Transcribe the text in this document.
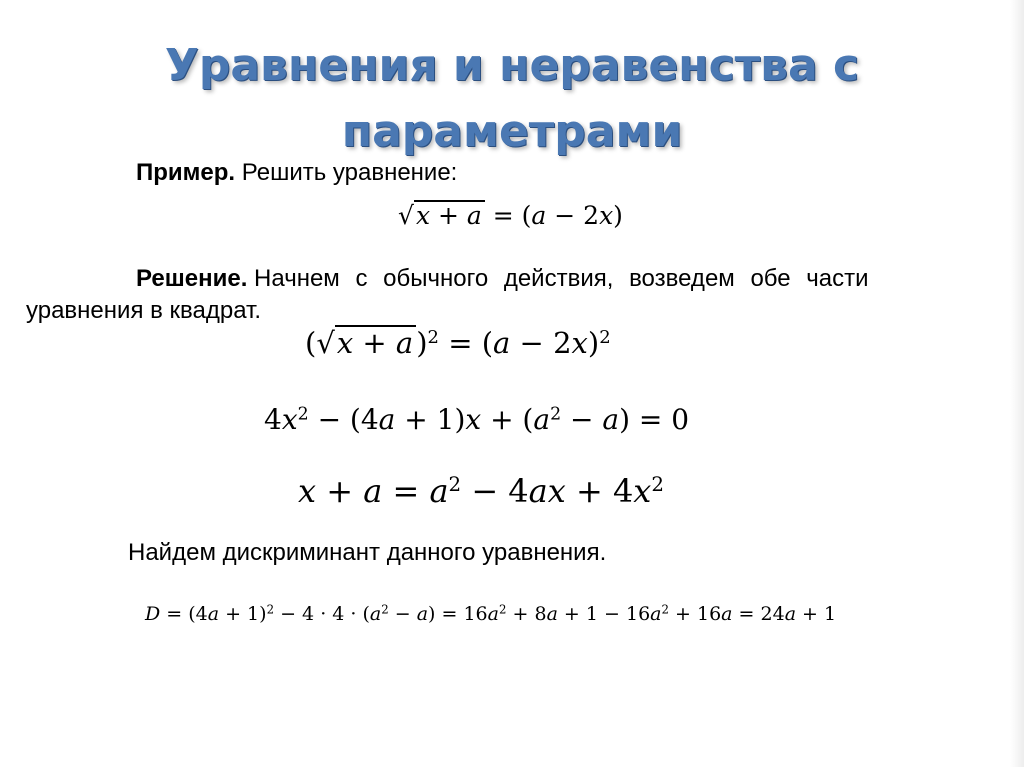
Уравнения и неравенства с
параметрами
Пример. Решить уравнение:
√x + a = (a − 2x)
Решение. Начнем с обычного действия, возведем обе части
уравнения в квадрат.
(√x + a )$^2 = (a - 2x)^2$
$4x^2 - (4a + 1)x + (a^2 - a) = 0$
$x + a = a^2 - 4ax + 4x^2$
Найдем дискриминант данного уравнения.
$D = (4a + 1)^2 - 4 \cdot 4 \cdot (a^2 - a) = 16a^2 + 8a + 1 - 16a^2 + 16a = 24a + 1$
